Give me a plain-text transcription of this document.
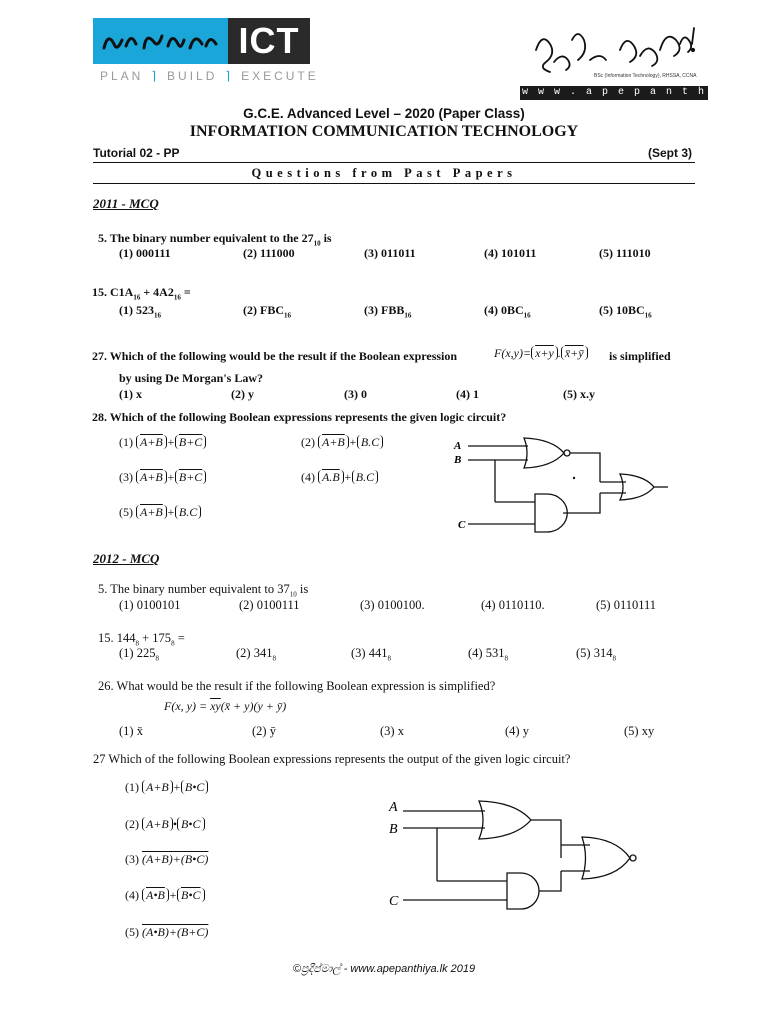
ICT
PLAN ⌉ BUILD ⌉ EXECUTE	BSc (Information Technology), RHSSA, CCNA
w w w . a p e p a n t h i y a . l k
G.C.E. Advanced Level – 2020 (Paper Class)
INFORMATION COMMUNICATION TECHNOLOGY
Tutorial 02 - PP	(Sept 3)
Questions from Past Papers
2011 - MCQ
5. The binary number equivalent to the $27_{10}$ is
(1) 000111	(2) 111000	(3) 011011	(4) 101011	(5) 111010
15. $C1A_{16} + 4A2_{16}$ =
(1) $523_{16}$	(2) $FBC_{16}$	(3) $FBB_{16}$	(4) $0BC_{16}$	(5) $10BC_{16}$
27. Which of the following would be the result if the Boolean expression	F(x,y)= x+y . x̄+ȳ	is simplified
by using De Morgan's Law?
(1) x	(2) y	(3) 0	(4) 1	(5) x.y
28. Which of the following Boolean expressions represents the given logic circuit?
(1) A+B + B+C	(2) A+B + B.C
(3) A+B + B+C	(4) A.B + B.C
(5) A+B + B.C
A
B
C
2012 - MCQ
5. The binary number equivalent to $37_{10}$ is
(1) 0100101	(2) 0100111	(3) 0100100.	(4) 0110110.	(5) 0110111
15. $144_8 + 175_8$ =
(1) $225_8$	(2) $341_8$	(3) $441_8$	(4) $531_8$	(5) $314_8$
26. What would be the result if the following Boolean expression is simplified?
F(x, $y) = \overline{xy}(x̄ + y)(y$ + ȳ)
(1) x̄	(2) ȳ	(3) x	(4) y	(5) xy
27 Which of the following Boolean expressions represents the output of the given logic circuit?
(1) A+B + B•C
(2) A+B • B•C
(3) (A+B)+(B•C)
(4) A•B + B•C
(5) (A•B)+(B+C)
A
B
C
©ප්‍රදීප්මාල් - www.apepanthiya.lk 2019
